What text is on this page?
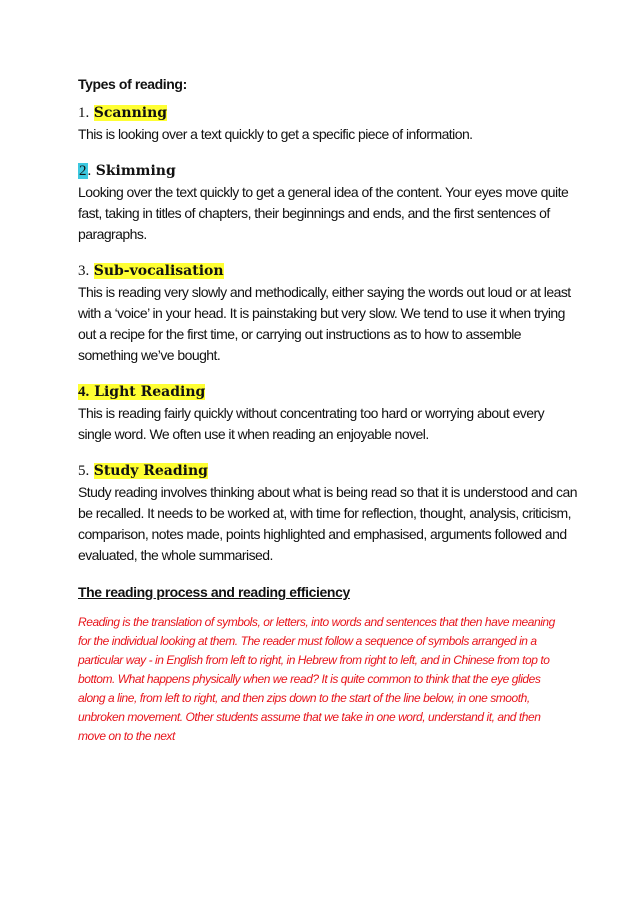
Types of reading:
1. Scanning

This is looking over a text quickly to get a specific piece of information.

2. Skimming

Looking over the text quickly to get a general idea of the content. Your eyes move quite fast, taking in titles of chapters, their beginnings and ends, and the first sentences of paragraphs.

3. Sub-vocalisation

This is reading very slowly and methodically, either saying the words out loud or at least with a ‘voice’ in your head. It is painstaking but very slow. We tend to use it when trying out a recipe for the first time, or carrying out instructions as to how to assemble something we’ve bought.

4. Light Reading

This is reading fairly quickly without concentrating too hard or worrying about every single word. We often use it when reading an enjoyable novel.

5. Study Reading

Study reading involves thinking about what is being read so that it is understood and can be recalled. It needs to be worked at, with time for reflection, thought, analysis, criticism, comparison, notes made, points highlighted and emphasised, arguments followed and evaluated, the whole summarised.

The reading process and reading efficiency

Reading is the translation of symbols, or letters, into words and sentences that then have meaning for the individual looking at them. The reader must follow a sequence of symbols arranged in a particular way - in English from left to right, in Hebrew from right to left, and in Chinese from top to bottom. What happens physically when we read? It is quite common to think that the eye glides along a line, from left to right, and then zips down to the start of the line below, in one smooth, unbroken movement. Other students assume that we take in one word, understand it, and then move on to the next
